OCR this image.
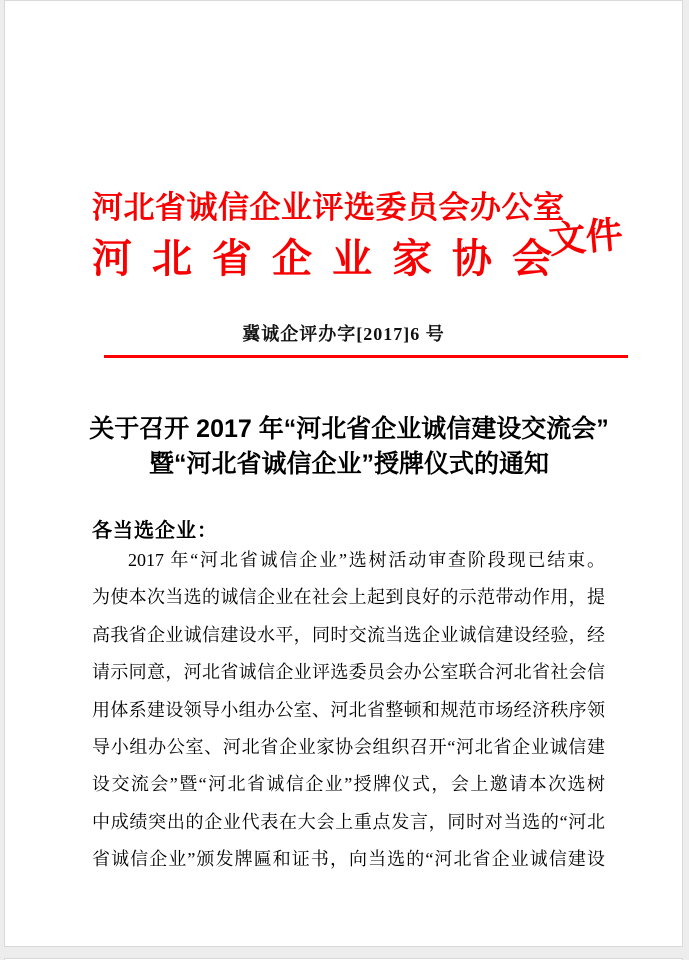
河北省诚信企业评选委员会办公室
河 北 省 企 业 家 协 会
文件
冀诚企评办字[2017]6 号
关于召开 2017 年“河北省企业诚信建设交流会”
暨“河北省诚信企业”授牌仪式的通知
各当选企业：
2017 年“河北省诚信企业”选树活动审查阶段现已结束。
为使本次当选的诚信企业在社会上起到良好的示范带动作用，提
高我省企业诚信建设水平，同时交流当选企业诚信建设经验，经
请示同意，河北省诚信企业评选委员会办公室联合河北省社会信
用体系建设领导小组办公室、河北省整顿和规范市场经济秩序领
导小组办公室、河北省企业家协会组织召开“河北省企业诚信建
设交流会”暨“河北省诚信企业”授牌仪式，会上邀请本次选树
中成绩突出的企业代表在大会上重点发言，同时对当选的“河北
省诚信企业”颁发牌匾和证书，向当选的“河北省企业诚信建设
